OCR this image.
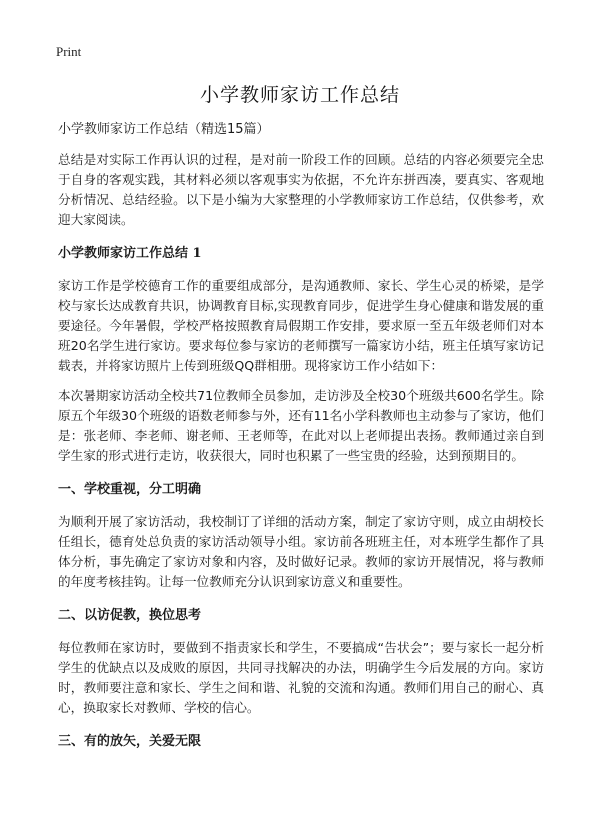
Print
小学教师家访工作总结
小学教师家访工作总结（精选15篇）

总结是对实际工作再认识的过程，是对前一阶段工作的回顾。总结的内容必须要完全忠于自身的客观实践，其材料必须以客观事实为依据，不允许东拼西凑，要真实、客观地分析情况、总结经验。以下是小编为大家整理的小学教师家访工作总结，仅供参考，欢迎大家阅读。

小学教师家访工作总结 1

家访工作是学校德育工作的重要组成部分，是沟通教师、家长、学生心灵的桥梁，是学校与家长达成教育共识，协调教育目标,实现教育同步，促进学生身心健康和谐发展的重要途径。今年暑假，学校严格按照教育局假期工作安排，要求原一至五年级老师们对本班20名学生进行家访。要求每位参与家访的老师撰写一篇家访小结，班主任填写家访记载表，并将家访照片上传到班级QQ群相册。现将家访工作小结如下：

本次暑期家访活动全校共71位教师全员参加，走访涉及全校30个班级共600名学生。除原五个年级30个班级的语数老师参与外，还有11名小学科教师也主动参与了家访，他们是：张老师、李老师、谢老师、王老师等，在此对以上老师提出表扬。教师通过亲自到学生家的形式进行走访，收获很大，同时也积累了一些宝贵的经验，达到预期目的。

一、学校重视，分工明确

为顺利开展了家访活动，我校制订了详细的活动方案，制定了家访守则，成立由胡校长任组长，德育处总负责的家访活动领导小组。家访前各班班主任，对本班学生都作了具体分析，事先确定了家访对象和内容，及时做好记录。教师的家访开展情况，将与教师的年度考核挂钩。让每一位教师充分认识到家访意义和重要性。

二、以访促教，换位思考

每位教师在家访时，要做到不指责家长和学生，不要搞成“告状会”；要与家长一起分析学生的优缺点以及成败的原因，共同寻找解决的办法，明确学生今后发展的方向。家访时，教师要注意和家长、学生之间和谐、礼貌的交流和沟通。教师们用自己的耐心、真心，换取家长对教师、学校的信心。

三、有的放矢，关爱无限
